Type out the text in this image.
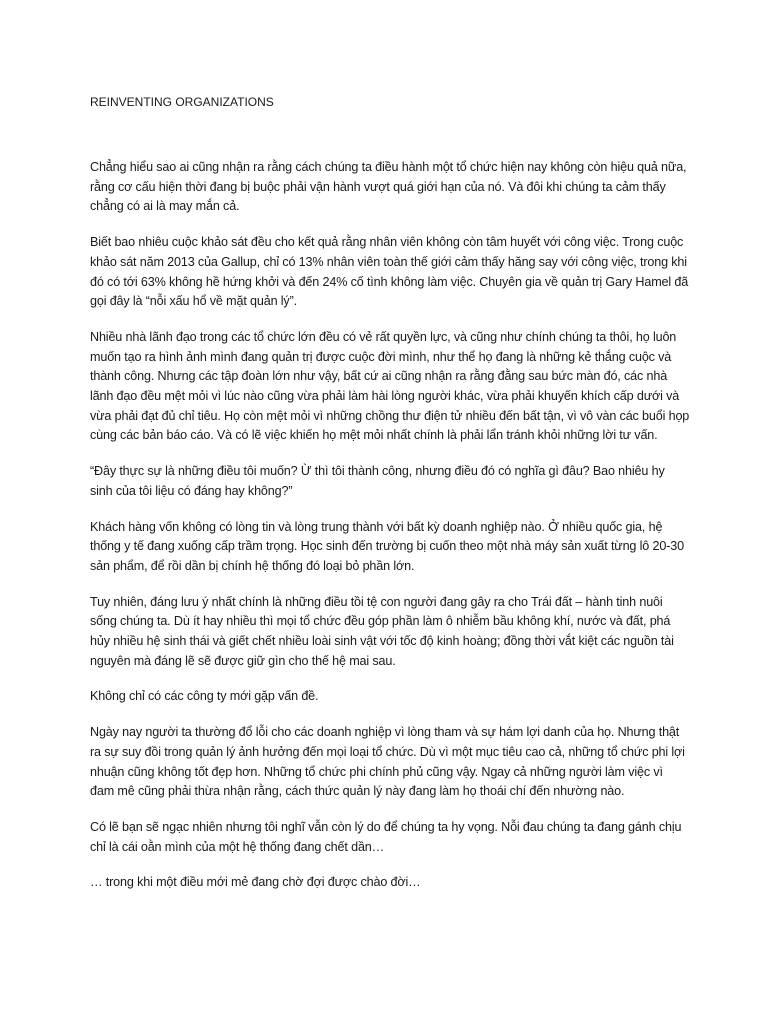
REINVENTING ORGANIZATIONS

Chẳng hiểu sao ai cũng nhận ra rằng cách chúng ta điều hành một tổ chức hiện nay không còn hiệu quả nữa, rằng cơ cấu hiện thời đang bị buộc phải vận hành vượt quá giới hạn của nó. Và đôi khi chúng ta cảm thấy chẳng có ai là may mắn cả.

Biết bao nhiêu cuộc khảo sát đều cho kết quả rằng nhân viên không còn tâm huyết với công việc. Trong cuộc khảo sát năm 2013 của Gallup, chỉ có 13% nhân viên toàn thế giới cảm thấy hăng say với công việc, trong khi đó có tới 63% không hề hứng khởi và đến 24% cố tình không làm việc. Chuyên gia về quản trị Gary Hamel đã gọi đây là “nỗi xấu hổ về mặt quản lý”.

Nhiều nhà lãnh đạo trong các tổ chức lớn đều có vẻ rất quyền lực, và cũng như chính chúng ta thôi, họ luôn muốn tạo ra hình ảnh mình đang quản trị được cuộc đời mình, như thể họ đang là những kẻ thắng cuộc và thành công. Nhưng các tập đoàn lớn như vậy, bất cứ ai cũng nhận ra rằng đằng sau bức màn đó, các nhà lãnh đạo đều mệt mỏi vì lúc nào cũng vừa phải làm hài lòng người khác, vừa phải khuyến khích cấp dưới và vừa phải đạt đủ chỉ tiêu. Họ còn mệt mỏi vì những chồng thư điện tử nhiều đến bất tận, vì vô vàn các buổi họp cùng các bản báo cáo. Và có lẽ việc khiến họ mệt mỏi nhất chính là phải lẩn tránh khỏi những lời tư vấn.

“Đây thực sự là những điều tôi muốn? Ừ thì tôi thành công, nhưng điều đó có nghĩa gì đâu? Bao nhiêu hy sinh của tôi liệu có đáng hay không?”

Khách hàng vốn không có lòng tin và lòng trung thành với bất kỳ doanh nghiệp nào. Ở nhiều quốc gia, hệ thống y tế đang xuống cấp trầm trọng. Học sinh đến trường bị cuốn theo một nhà máy sản xuất từng lô 20-30 sản phẩm, để rồi dần bị chính hệ thống đó loại bỏ phần lớn.

Tuy nhiên, đáng lưu ý nhất chính là những điều tồi tệ con người đang gây ra cho Trái đất – hành tinh nuôi sống chúng ta. Dù ít hay nhiều thì mọi tổ chức đều góp phần làm ô nhiễm bầu không khí, nước và đất, phá hủy nhiều hệ sinh thái và giết chết nhiều loài sinh vật với tốc độ kinh hoàng; đồng thời vắt kiệt các nguồn tài nguyên mà đáng lẽ sẽ được giữ gìn cho thế hệ mai sau.

Không chỉ có các công ty mới gặp vấn đề.

Ngày nay người ta thường đổ lỗi cho các doanh nghiệp vì lòng tham và sự hám lợi danh của họ. Nhưng thật ra sự suy đồi trong quản lý ảnh hưởng đến mọi loại tổ chức. Dù vì một mục tiêu cao cả, những tổ chức phi lợi nhuận cũng không tốt đẹp hơn. Những tổ chức phi chính phủ cũng vậy. Ngay cả những người làm việc vì đam mê cũng phải thừa nhận rằng, cách thức quản lý này đang làm họ thoái chí đến nhường nào.

Có lẽ bạn sẽ ngạc nhiên nhưng tôi nghĩ vẫn còn lý do để chúng ta hy vọng. Nỗi đau chúng ta đang gánh chịu chỉ là cái oằn mình của một hệ thống đang chết dần…

… trong khi một điều mới mẻ đang chờ đợi được chào đời…
